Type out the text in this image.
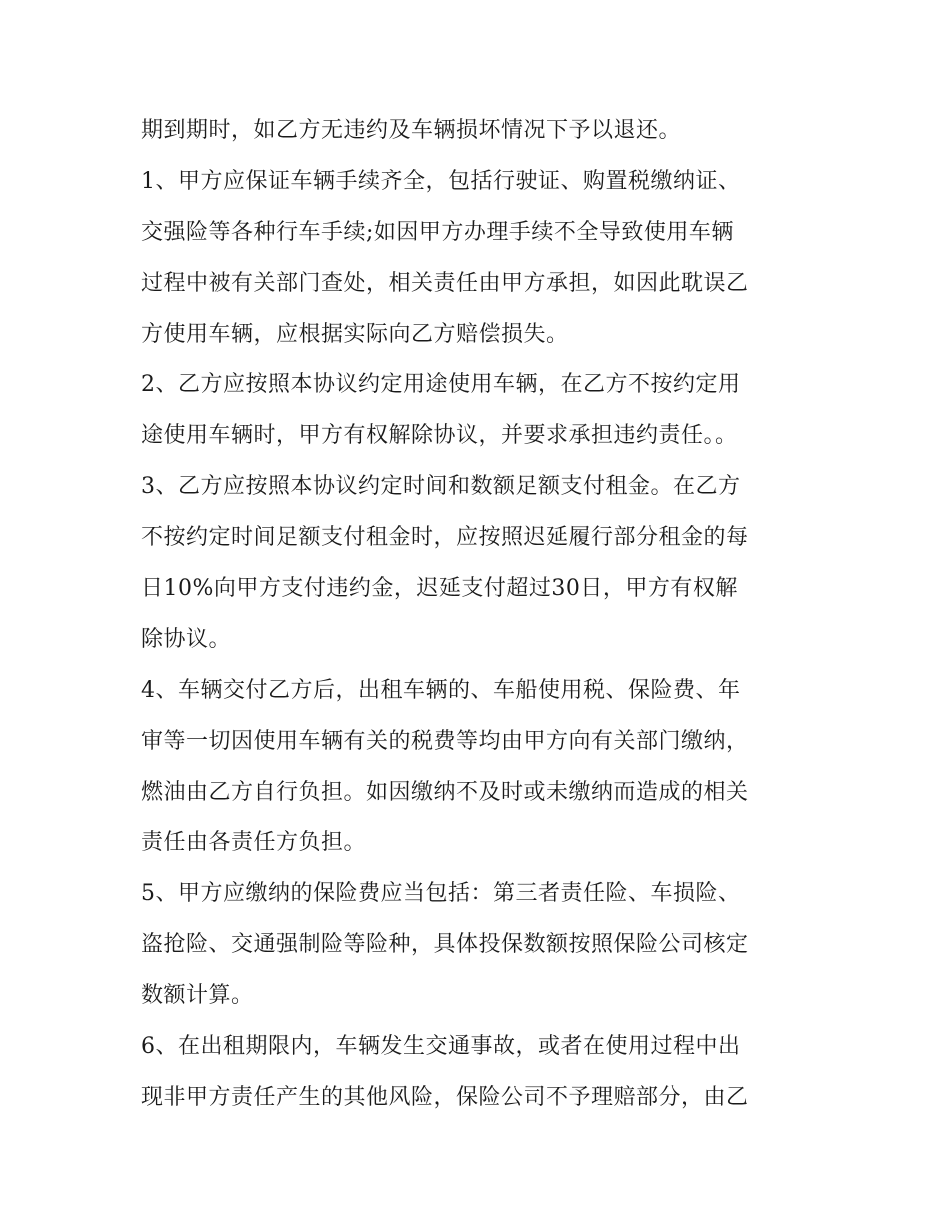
期到期时，如乙方无违约及车辆损坏情况下予以退还。
1、甲方应保证车辆手续齐全，包括行驶证、购置税缴纳证、
交强险等各种行车手续;如因甲方办理手续不全导致使用车辆
过程中被有关部门查处，相关责任由甲方承担，如因此耽误乙
方使用车辆，应根据实际向乙方赔偿损失。
2、乙方应按照本协议约定用途使用车辆，在乙方不按约定用
途使用车辆时，甲方有权解除协议，并要求承担违约责任。。
3、乙方应按照本协议约定时间和数额足额支付租金。在乙方
不按约定时间足额支付租金时，应按照迟延履行部分租金的每
日10%向甲方支付违约金，迟延支付超过30日，甲方有权解
除协议。
4、车辆交付乙方后，出租车辆的、车船使用税、保险费、年
审等一切因使用车辆有关的税费等均由甲方向有关部门缴纳，
燃油由乙方自行负担。如因缴纳不及时或未缴纳而造成的相关
责任由各责任方负担。
5、甲方应缴纳的保险费应当包括：第三者责任险、车损险、
盗抢险、交通强制险等险种，具体投保数额按照保险公司核定
数额计算。
6、在出租期限内，车辆发生交通事故，或者在使用过程中出
现非甲方责任产生的其他风险，保险公司不予理赔部分，由乙
